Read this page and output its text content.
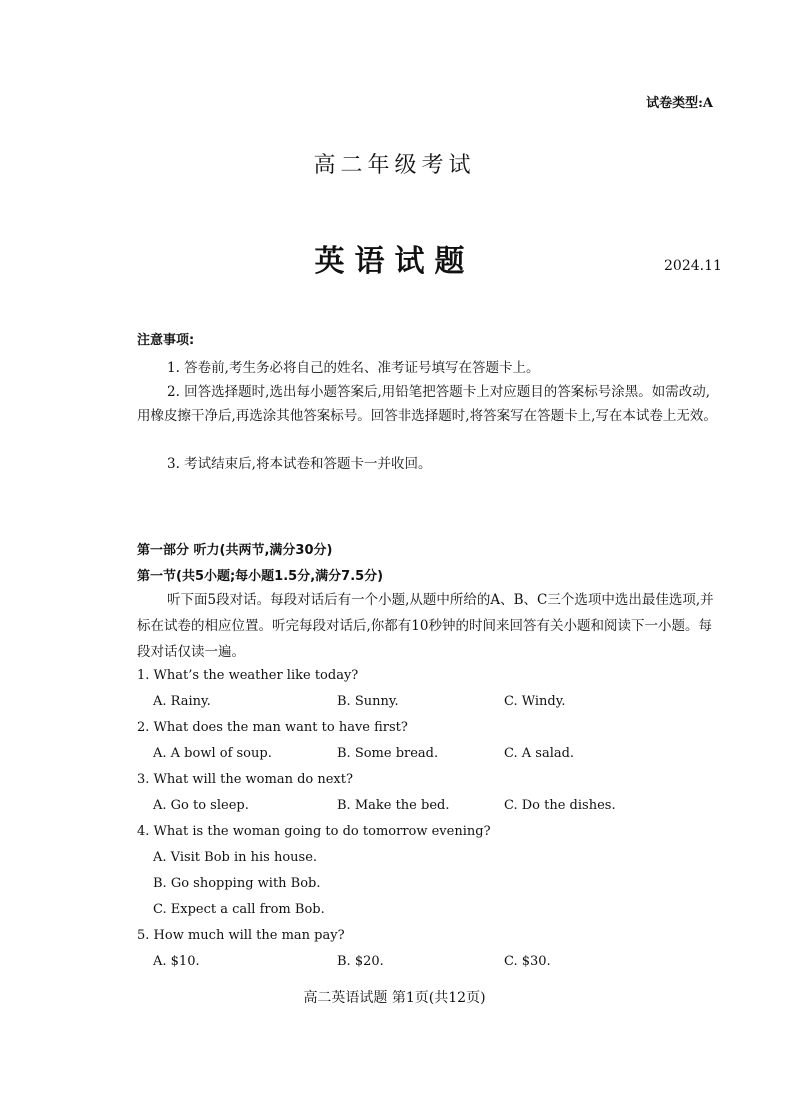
试卷类型:A
高二年级考试
英语试题	2024.11
注意事项:
1. 答卷前,考生务必将自己的姓名、准考证号填写在答题卡上。
2. 回答选择题时,选出每小题答案后,用铅笔把答题卡上对应题目的答案标号涂黑。如需改动,用橡皮擦干净后,再选涂其他答案标号。回答非选择题时,将答案写在答题卡上,写在本试卷上无效。
3. 考试结束后,将本试卷和答题卡一并收回。
第一部分 听力(共两节,满分30分)
第一节(共5小题;每小题1.5分,满分7.5分)
听下面5段对话。每段对话后有一个小题,从题中所给的A、B、C三个选项中选出最佳选项,并标在试卷的相应位置。听完每段对话后,你都有10秒钟的时间来回答有关小题和阅读下一小题。每段对话仅读一遍。
1. What’s the weather like today?
A. Rainy.	B. Sunny.	C. Windy.
2. What does the man want to have first?
A. A bowl of soup.	B. Some bread.	C. A salad.
3. What will the woman do next?
A. Go to sleep.	B. Make the bed.	C. Do the dishes.
4. What is the woman going to do tomorrow evening?
A. Visit Bob in his house.
B. Go shopping with Bob.
C. Expect a call from Bob.
5. How much will the man pay?
A. $10.	B. $20.	C. $30.
高二英语试题 第1页(共12页)
